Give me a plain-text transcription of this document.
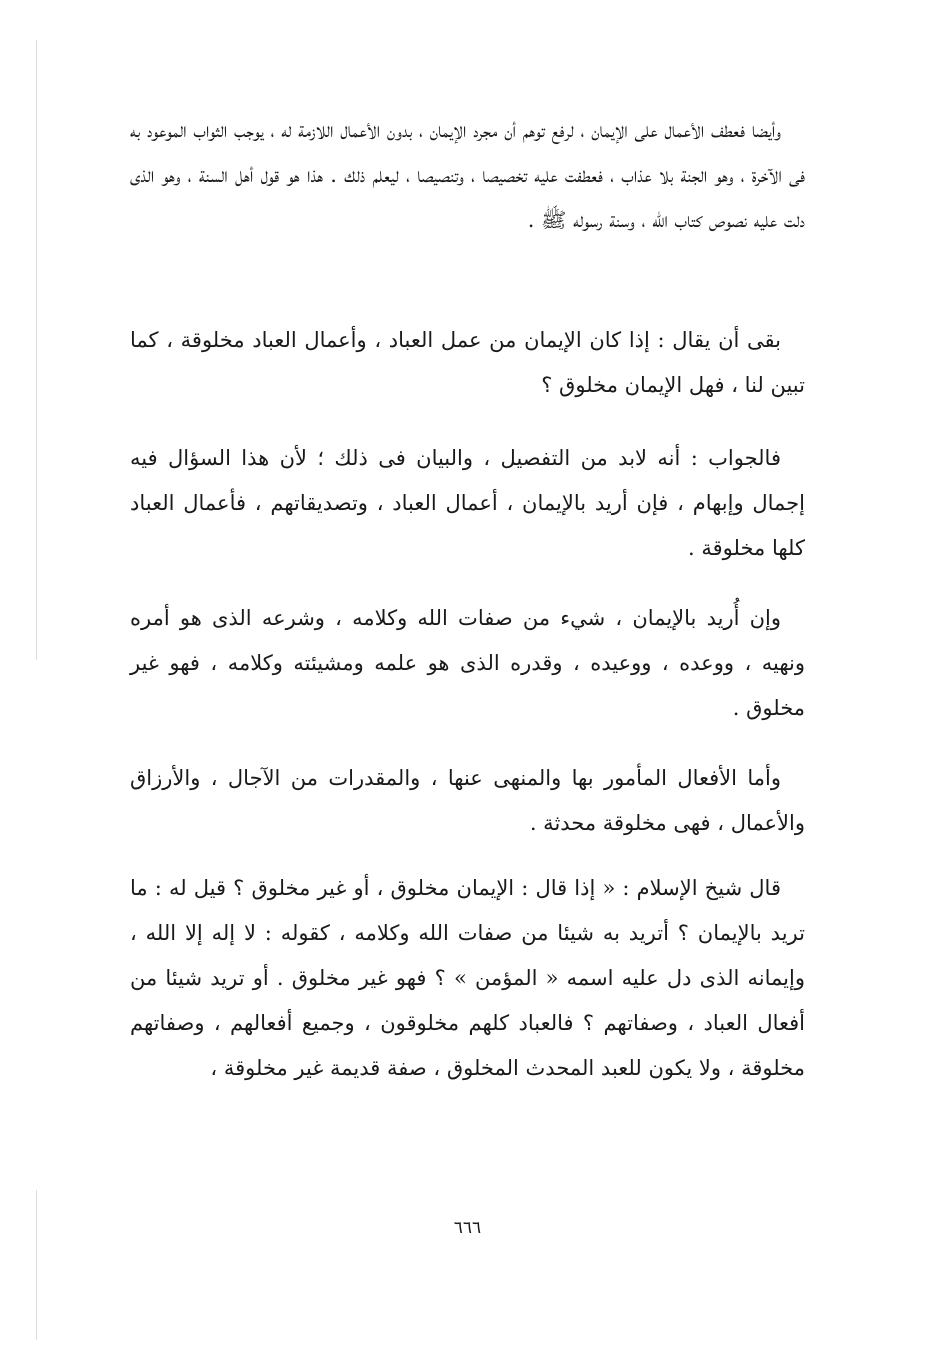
وأيضا فعطف الأعمال على الإيمان ، لرفع توهم أن مجرد الإيمان ، بدون الأعمال اللازمة له ، يوجب الثواب الموعود به فى الآخرة ، وهو الجنة بلا عذاب ، فعطفت عليه تخصيصا ، وتنصيصا ، ليعلم ذلك . هذا هو قول أهل السنة ، وهو الذى دلت عليه نصوص كتاب الله ، وسنة رسوله ﷺ .

بقى أن يقال : إذا كان الإيمان من عمل العباد ، وأعمال العباد مخلوقة ، كما تبين لنا ، فهل الإيمان مخلوق ؟

فالجواب : أنه لابد من التفصيل ، والبيان فى ذلك ؛ لأن هذا السؤال فيه إجمال وإبهام ، فإن أريد بالإيمان ، أعمال العباد ، وتصديقاتهم ، فأعمال العباد كلها مخلوقة .

وإن أُريد بالإيمان ، شيء من صفات الله وكلامه ، وشرعه الذى هو أمره ونهيه ، ووعده ، ووعيده ، وقدره الذى هو علمه ومشيئته وكلامه ، فهو غير مخلوق .

وأما الأفعال المأمور بها والمنهى عنها ، والمقدرات من الآجال ، والأرزاق والأعمال ، فهى مخلوقة محدثة .

قال شيخ الإسلام : « إذا قال : الإيمان مخلوق ، أو غير مخلوق ؟ قيل له : ما تريد بالإيمان ؟ أتريد به شيئا من صفات الله وكلامه ، كقوله : لا إله إلا الله ، وإيمانه الذى دل عليه اسمه « المؤمن » ؟ فهو غير مخلوق . أو تريد شيئا من أفعال العباد ، وصفاتهم ؟ فالعباد كلهم مخلوقون ، وجميع أفعالهم ، وصفاتهم مخلوقة ، ولا يكون للعبد المحدث المخلوق ، صفة قديمة غير مخلوقة ،

٦٦٦
